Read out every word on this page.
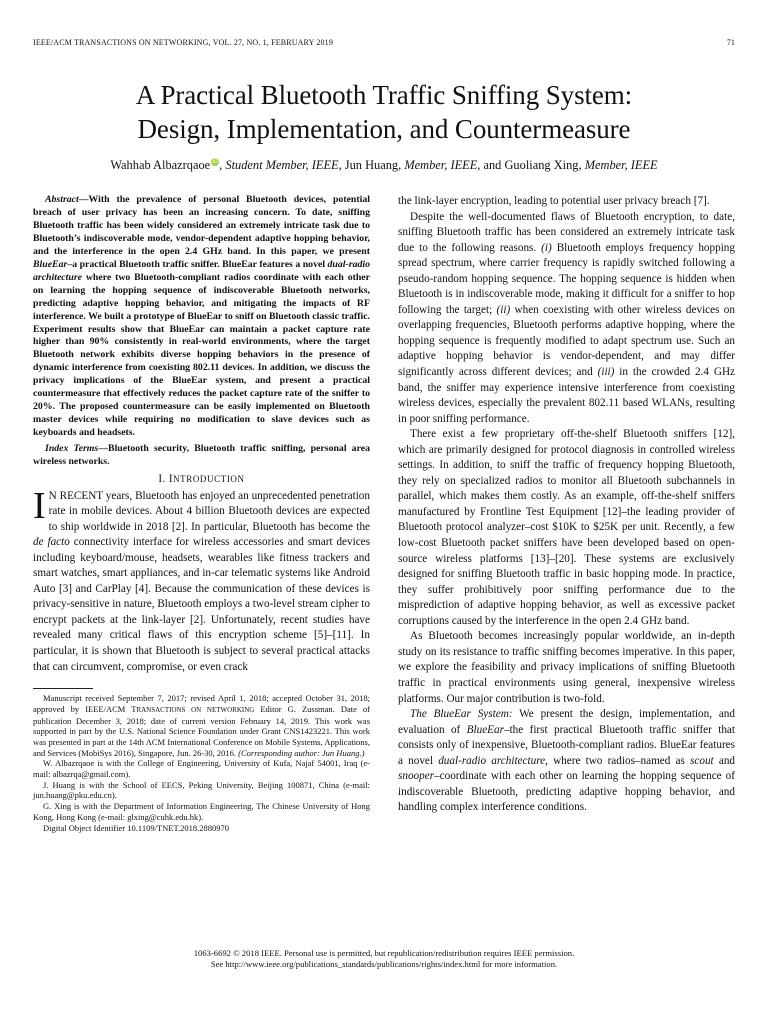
IEEE/ACM TRANSACTIONS ON NETWORKING, VOL. 27, NO. 1, FEBRUARY 2019	71
A Practical Bluetooth Traffic Sniffing System:
Design, Implementation, and Countermeasure
Wahhab Albazrqaoe iD, Student Member, IEEE, Jun Huang, Member, IEEE, and Guoliang Xing, Member, IEEE

Abstract—With the prevalence of personal Bluetooth devices, potential breach of user privacy has been an increasing concern. To date, sniffing Bluetooth traffic has been widely considered an extremely intricate task due to Bluetooth’s indiscoverable mode, vendor-dependent adaptive hopping behavior, and the interference in the open 2.4 GHz band. In this paper, we present BlueEar–a practical Bluetooth traffic sniffer. BlueEar features a novel dual-radio architecture where two Bluetooth-compliant radios coordinate with each other on learning the hopping sequence of indiscoverable Bluetooth networks, predicting adaptive hopping behavior, and mitigating the impacts of RF interference. We built a prototype of BlueEar to sniff on Bluetooth classic traffic. Experiment results show that BlueEar can maintain a packet capture rate higher than 90% consistently in real-world environments, where the target Bluetooth network exhibits diverse hopping behaviors in the presence of dynamic interference from coexisting 802.11 devices. In addition, we discuss the privacy implications of the BlueEar system, and present a practical countermeasure that effectively reduces the packet capture rate of the sniffer to 20%. The proposed countermeasure can be easily implemented on Bluetooth master devices while requiring no modification to slave devices such as keyboards and headsets.

Index Terms—Bluetooth security, Bluetooth traffic sniffing, personal area wireless networks.

I. INTRODUCTION

I N RECENT years, Bluetooth has enjoyed an unprecedented penetration rate in mobile devices. About 4 billion Bluetooth devices are expected to ship worldwide in 2018 [2]. In particular, Bluetooth has become the de facto connectivity interface for wireless accessories and smart devices including keyboard/mouse, headsets, wearables like fitness trackers and smart watches, smart appliances, and in-car telematic systems like Android Auto [3] and CarPlay [4]. Because the communication of these devices is privacy-sensitive in nature, Bluetooth employs a two-level stream cipher to encrypt packets at the link-layer [2]. Unfortunately, recent studies have revealed many critical flaws of this encryption scheme [5]–[11]. In particular, it is shown that Bluetooth is subject to several practical attacks that can circumvent, compromise, or even crack

Manuscript received September 7, 2017; revised April 1, 2018; accepted October 31, 2018; approved by IEEE/ACM TRANSACTIONS ON NETWORKING Editor G. Zussman. Date of publication December 3, 2018; date of current version February 14, 2019. This work was supported in part by the U.S. National Science Foundation under Grant CNS1423221. This work was presented in part at the 14th ACM International Conference on Mobile Systems, Applications, and Services (MobiSys 2016), Singapore, Jun. 26-30, 2016. (Corresponding author: Jun Huang.)

W. Albazrqaoe is with the College of Engineering, University of Kufa, Najaf 54001, Iraq (e-mail: albazrqa@gmail.com).

J. Huang is with the School of EECS, Peking University, Beijing 100871, China (e-mail: jun.huang@pku.edu.cn).

G. Xing is with the Department of Information Engineering, The Chinese University of Hong Kong, Hong Kong (e-mail: glxing@cuhk.edu.hk).

Digital Object Identifier 10.1109/TNET.2018.2880970

the link-layer encryption, leading to potential user privacy breach [7].

Despite the well-documented flaws of Bluetooth encryption, to date, sniffing Bluetooth traffic has been considered an extremely intricate task due to the following reasons. (i) Bluetooth employs frequency hopping spread spectrum, where carrier frequency is rapidly switched following a pseudo-random hopping sequence. The hopping sequence is hidden when Bluetooth is in indiscoverable mode, making it difficult for a sniffer to hop following the target; (ii) when coexisting with other wireless devices on overlapping frequencies, Bluetooth performs adaptive hopping, where the hopping sequence is frequently modified to adapt spectrum use. Such an adaptive hopping behavior is vendor-dependent, and may differ significantly across different devices; and (iii) in the crowded 2.4 GHz band, the sniffer may experience intensive interference from coexisting wireless devices, especially the prevalent 802.11 based WLANs, resulting in poor sniffing performance.

There exist a few proprietary off-the-shelf Bluetooth sniffers [12], which are primarily designed for protocol diagnosis in controlled wireless settings. In addition, to sniff the traffic of frequency hopping Bluetooth, they rely on specialized radios to monitor all Bluetooth subchannels in parallel, which makes them costly. As an example, off-the-shelf sniffers manufactured by Frontline Test Equipment [12]–the leading provider of Bluetooth protocol analyzer–cost $10K to $25K per unit. Recently, a few low-cost Bluetooth packet sniffers have been developed based on open-source wireless platforms [13]–[20]. These systems are exclusively designed for sniffing Bluetooth traffic in basic hopping mode. In practice, they suffer prohibitively poor sniffing performance due to the misprediction of adaptive hopping behavior, as well as excessive packet corruptions caused by the interference in the open 2.4 GHz band.

As Bluetooth becomes increasingly popular worldwide, an in-depth study on its resistance to traffic sniffing becomes imperative. In this paper, we explore the feasibility and privacy implications of sniffing Bluetooth traffic in practical environments using general, inexpensive wireless platforms. Our major contribution is two-fold.

The BlueEar System: We present the design, implementation, and evaluation of BlueEar–the first practical Bluetooth traffic sniffer that consists only of inexpensive, Bluetooth-compliant radios. BlueEar features a novel dual-radio architecture, where two radios–named as scout and snooper–coordinate with each other on learning the hopping sequence of indiscoverable Bluetooth, predicting adaptive hopping behavior, and handling complex interference conditions.

1063-6692 © 2018 IEEE. Personal use is permitted, but republication/redistribution requires IEEE permission.
See http://www.ieee.org/publications_standards/publications/rights/index.html for more information.
